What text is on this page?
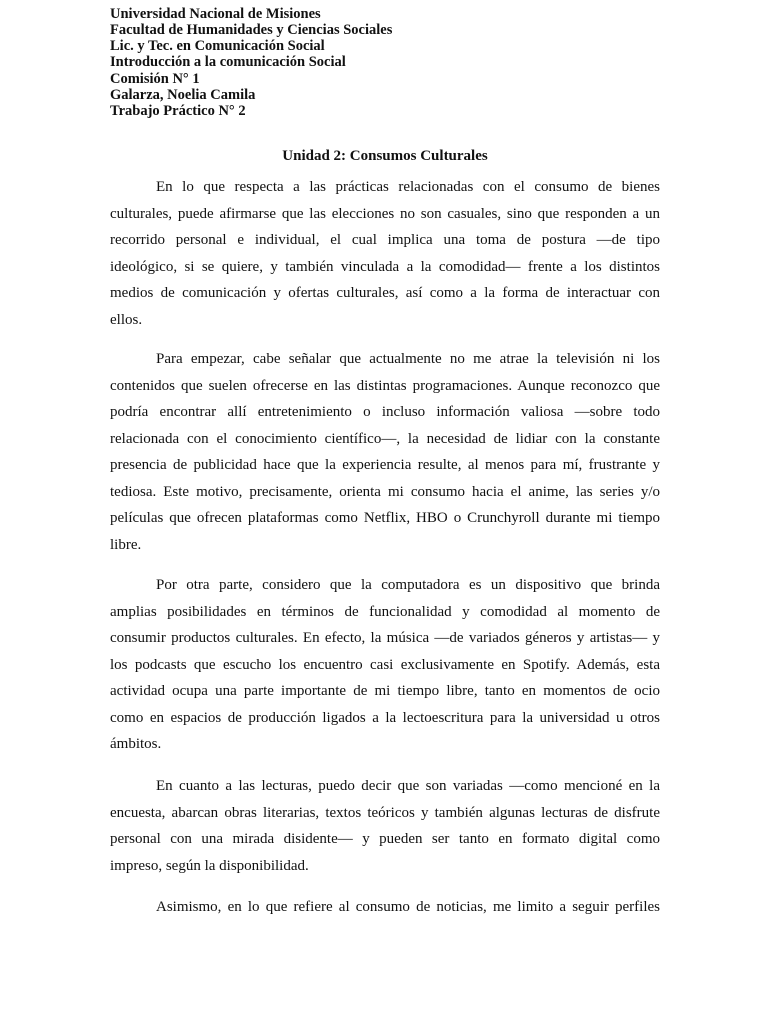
Universidad Nacional de Misiones
Facultad de Humanidades y Ciencias Sociales
Lic. y Tec. en Comunicación Social
Introducción a la comunicación Social
Comisión N° 1
Galarza, Noelia Camila
Trabajo Práctico N° 2
Unidad 2: Consumos Culturales
En lo que respecta a las prácticas relacionadas con el consumo de bienes
culturales, puede afirmarse que las elecciones no son casuales, sino que responden a un
recorrido personal e individual, el cual implica una toma de postura —de tipo
ideológico, si se quiere, y también vinculada a la comodidad— frente a los distintos
medios de comunicación y ofertas culturales, así como a la forma de interactuar con
ellos.
Para empezar, cabe señalar que actualmente no me atrae la televisión ni los
contenidos que suelen ofrecerse en las distintas programaciones. Aunque reconozco que
podría encontrar allí entretenimiento o incluso información valiosa —sobre todo
relacionada con el conocimiento científico—, la necesidad de lidiar con la constante
presencia de publicidad hace que la experiencia resulte, al menos para mí, frustrante y
tediosa. Este motivo, precisamente, orienta mi consumo hacia el anime, las series y/o
películas que ofrecen plataformas como Netflix, HBO o Crunchyroll durante mi tiempo
libre.
Por otra parte, considero que la computadora es un dispositivo que brinda
amplias posibilidades en términos de funcionalidad y comodidad al momento de
consumir productos culturales. En efecto, la música —de variados géneros y artistas— y
los podcasts que escucho los encuentro casi exclusivamente en Spotify. Además, esta
actividad ocupa una parte importante de mi tiempo libre, tanto en momentos de ocio
como en espacios de producción ligados a la lectoescritura para la universidad u otros
ámbitos.
En cuanto a las lecturas, puedo decir que son variadas —como mencioné en la
encuesta, abarcan obras literarias, textos teóricos y también algunas lecturas de disfrute
personal con una mirada disidente— y pueden ser tanto en formato digital como
impreso, según la disponibilidad.
Asimismo, en lo que refiere al consumo de noticias, me limito a seguir perfiles
